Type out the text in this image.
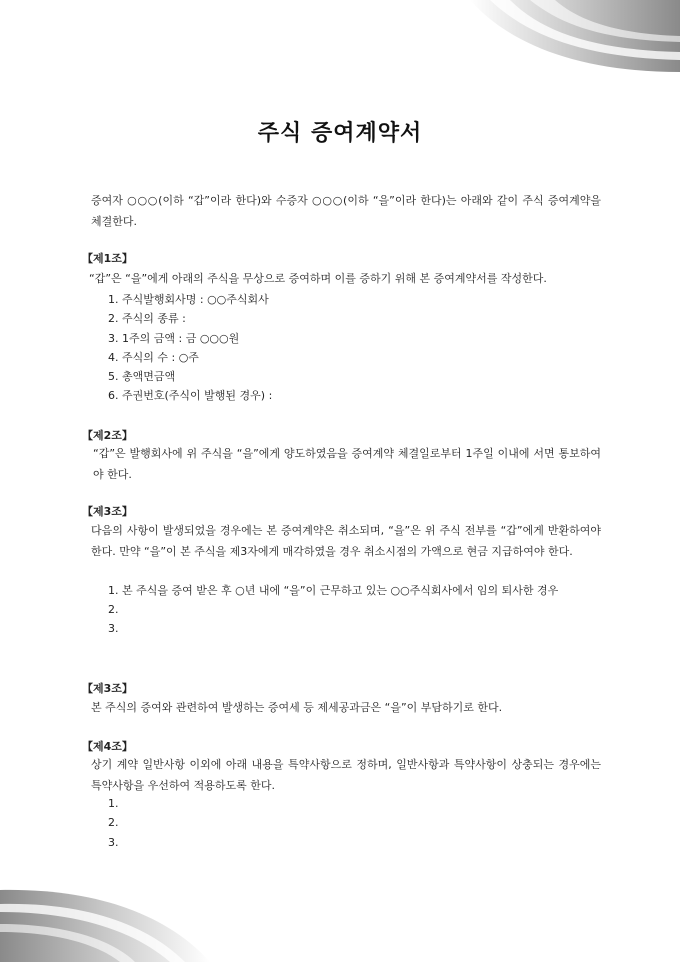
주식 증여계약서
증여자 ○○○(이하 “갑”이라 한다)와 수증자 ○○○(이하 “을”이라 한다)는 아래와 같이 주식 증여계약을 체결한다.
【제1조】
“갑”은 “을”에게 아래의 주식을 무상으로 증여하며 이를 증하기 위해 본 증여계약서를 작성한다.
1. 주식발행회사명 : ○○주식회사
2. 주식의 종류 :
3. 1주의 금액 : 금 ○○○원
4. 주식의 수 : ○주
5. 총액면금액
6. 주권번호(주식이 발행된 경우) :
【제2조】
“갑”은 발행회사에 위 주식을 “을”에게 양도하였음을 증여계약 체결일로부터 1주일 이내에 서면 통보하여야 한다.
【제3조】
다음의 사항이 발생되었을 경우에는 본 증여계약은 취소되며, “을”은 위 주식 전부를 “갑”에게 반환하여야 한다. 만약 “을”이 본 주식을 제3자에게 매각하였을 경우 취소시점의 가액으로 현금 지급하여야 한다.
1. 본 주식을 증여 받은 후 ○년 내에 “을”이 근무하고 있는 ○○주식회사에서 임의 퇴사한 경우
2.

3.

【제3조】
본 주식의 증여와 관련하여 발생하는 증여세 등 제세공과금은 “을”이 부담하기로 한다.
【제4조】
상기 계약 일반사항 이외에 아래 내용을 특약사항으로 정하며, 일반사항과 특약사항이 상충되는 경우에는 특약사항을 우선하여 적용하도록 한다.
1.

2.

3.
